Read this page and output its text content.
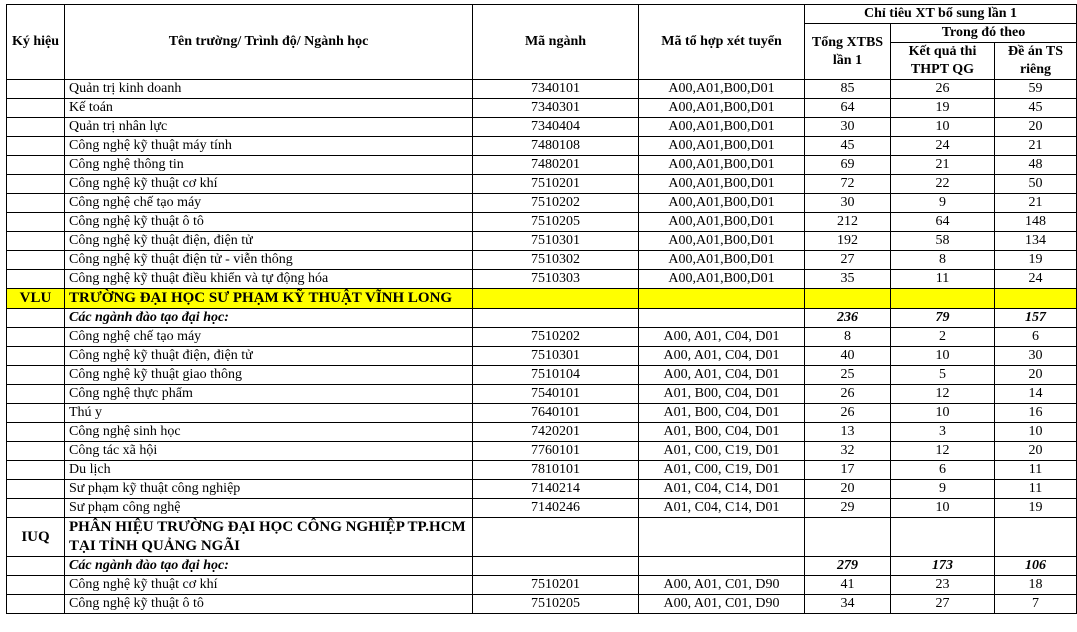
Ký hiệu	Tên trường/ Trình độ/ Ngành học	Mã ngành	Mã tổ hợp xét tuyển	Chỉ tiêu XT bổ sung lần 1		
				Tổng XTBS lần 1	Trong đó theo	
					Kết quả thi THPT QG	Đề án TS riêng
	Quản trị kinh doanh	7340101	A00,A01,B00,D01	85	26	59
	Kế toán	7340301	A00,A01,B00,D01	64	19	45
	Quản trị nhân lực	7340404	A00,A01,B00,D01	30	10	20
	Công nghệ kỹ thuật máy tính	7480108	A00,A01,B00,D01	45	24	21
	Công nghệ thông tin	7480201	A00,A01,B00,D01	69	21	48
	Công nghệ kỹ thuật cơ khí	7510201	A00,A01,B00,D01	72	22	50
	Công nghệ chế tạo máy	7510202	A00,A01,B00,D01	30	9	21
	Công nghệ kỹ thuật ô tô	7510205	A00,A01,B00,D01	212	64	148
	Công nghệ kỹ thuật điện, điện tử	7510301	A00,A01,B00,D01	192	58	134
	Công nghệ kỹ thuật điện tử - viễn thông	7510302	A00,A01,B00,D01	27	8	19
	Công nghệ kỹ thuật điều khiển và tự động hóa	7510303	A00,A01,B00,D01	35	11	24
VLU	TRƯỜNG ĐẠI HỌC SƯ PHẠM KỸ THUẬT VĨNH LONG					
	Các ngành đào tạo đại học:			236	79	157
	Công nghệ chế tạo máy	7510202	A00, A01, C04, D01	8	2	6
	Công nghệ kỹ thuật điện, điện tử	7510301	A00, A01, C04, D01	40	10	30
	Công nghệ kỹ thuật giao thông	7510104	A00, A01, C04, D01	25	5	20
	Công nghệ thực phẩm	7540101	A01, B00, C04, D01	26	12	14
	Thú y	7640101	A01, B00, C04, D01	26	10	16
	Công nghệ sinh học	7420201	A01, B00, C04, D01	13	3	10
	Công tác xã hội	7760101	A01, C00, C19, D01	32	12	20
	Du lịch	7810101	A01, C00, C19, D01	17	6	11
	Sư phạm kỹ thuật công nghiệp	7140214	A01, C04, C14, D01	20	9	11
	Sư phạm công nghệ	7140246	A01, C04, C14, D01	29	10	19
IUQ	PHÂN HIỆU TRƯỜNG ĐẠI HỌC CÔNG NGHIỆP TP.HCM TẠI TỈNH QUẢNG NGÃI					
	Các ngành đào tạo đại học:			279	173	106
	Công nghệ kỹ thuật cơ khí	7510201	A00, A01, C01, D90	41	23	18
	Công nghệ kỹ thuật ô tô	7510205	A00, A01, C01, D90	34	27	7
